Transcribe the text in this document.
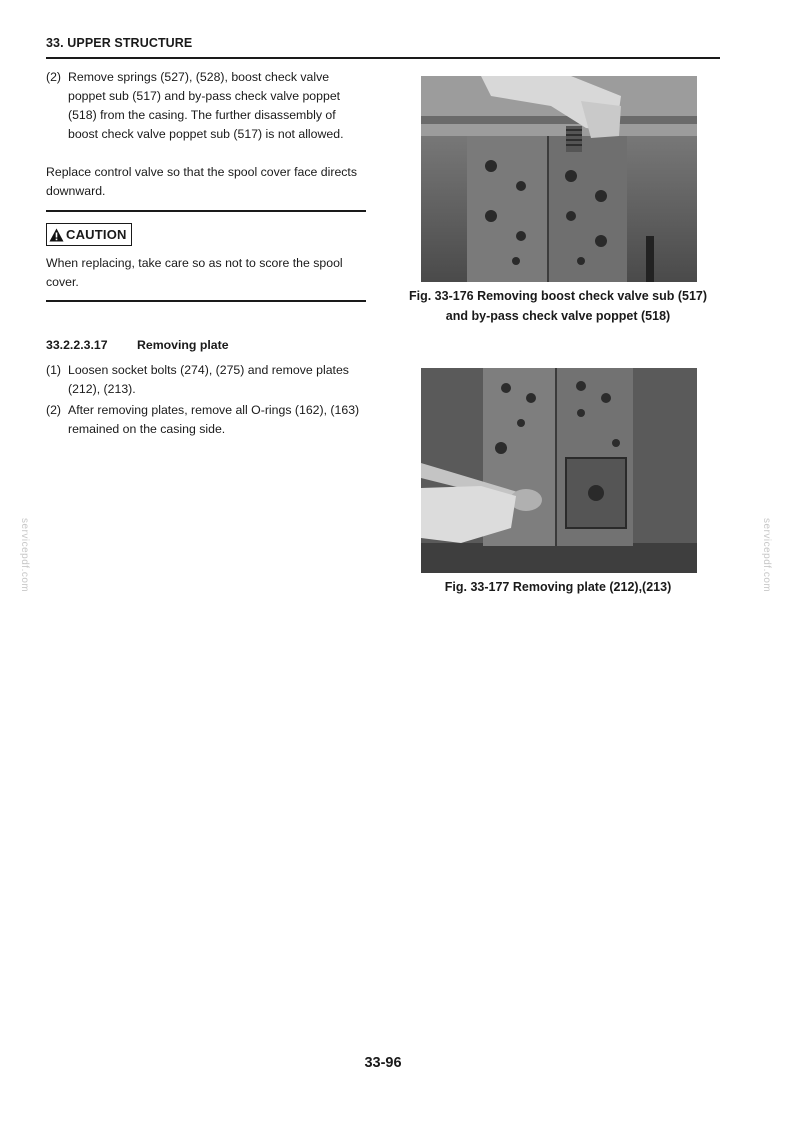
33. UPPER STRUCTURE
(2) Remove springs (527), (528), boost check valve poppet sub (517) and by-pass check valve poppet (518) from the casing. The further disassembly of boost check valve poppet sub (517) is not allowed.
Replace control valve so that the spool cover face directs downward.
CAUTION
When replacing, take care so as not to score the spool cover.
33.2.2.3.17 Removing plate
(1) Loosen socket bolts (274), (275) and remove plates (212), (213).
(2) After removing plates, remove all O-rings (162), (163) remained on the casing side.
Fig. 33-176 Removing boost check valve sub (517)
and by-pass check valve poppet (518)
Fig. 33-177 Removing plate (212),(213)
servicepdf.com	servicepdf.com
33-96
